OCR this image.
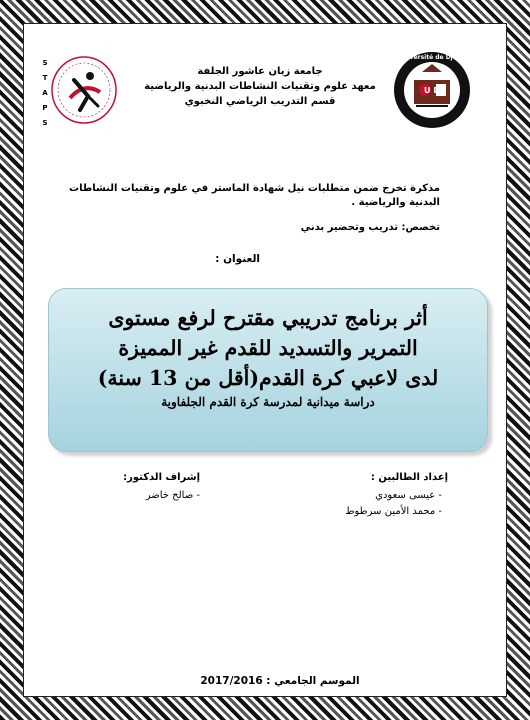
S
T
A
P
S
جامعة زيان عاشور الجلفة
معهد علوم وتقنيات النشاطات البدنية والرياضية
قسم التدريب الرياضي النخبوي
Université de Djelfa
U D
مذكرة تخرج ضمن متطلبات نيل شهادة الماستر في علوم وتقنيات النشاطات
البدنية والرياضية .
تخصص: تدريب وتحضير بدني
العنوان :
أثر برنامج تدريبي مقترح لرفع مستوى
التمرير والتسديد للقدم غير المميزة
لدى لاعبي كرة القدم(أقل من 13 سنة)
دراسة ميدانية لمدرسة كرة القدم الجلفاوية
إعداد الطالبين :
- عيسى سعودي
- محمد الأمين سرطوط
إشراف الدكتور:
- صالح خاضر
الموسم الجامعي : 2017/2016
